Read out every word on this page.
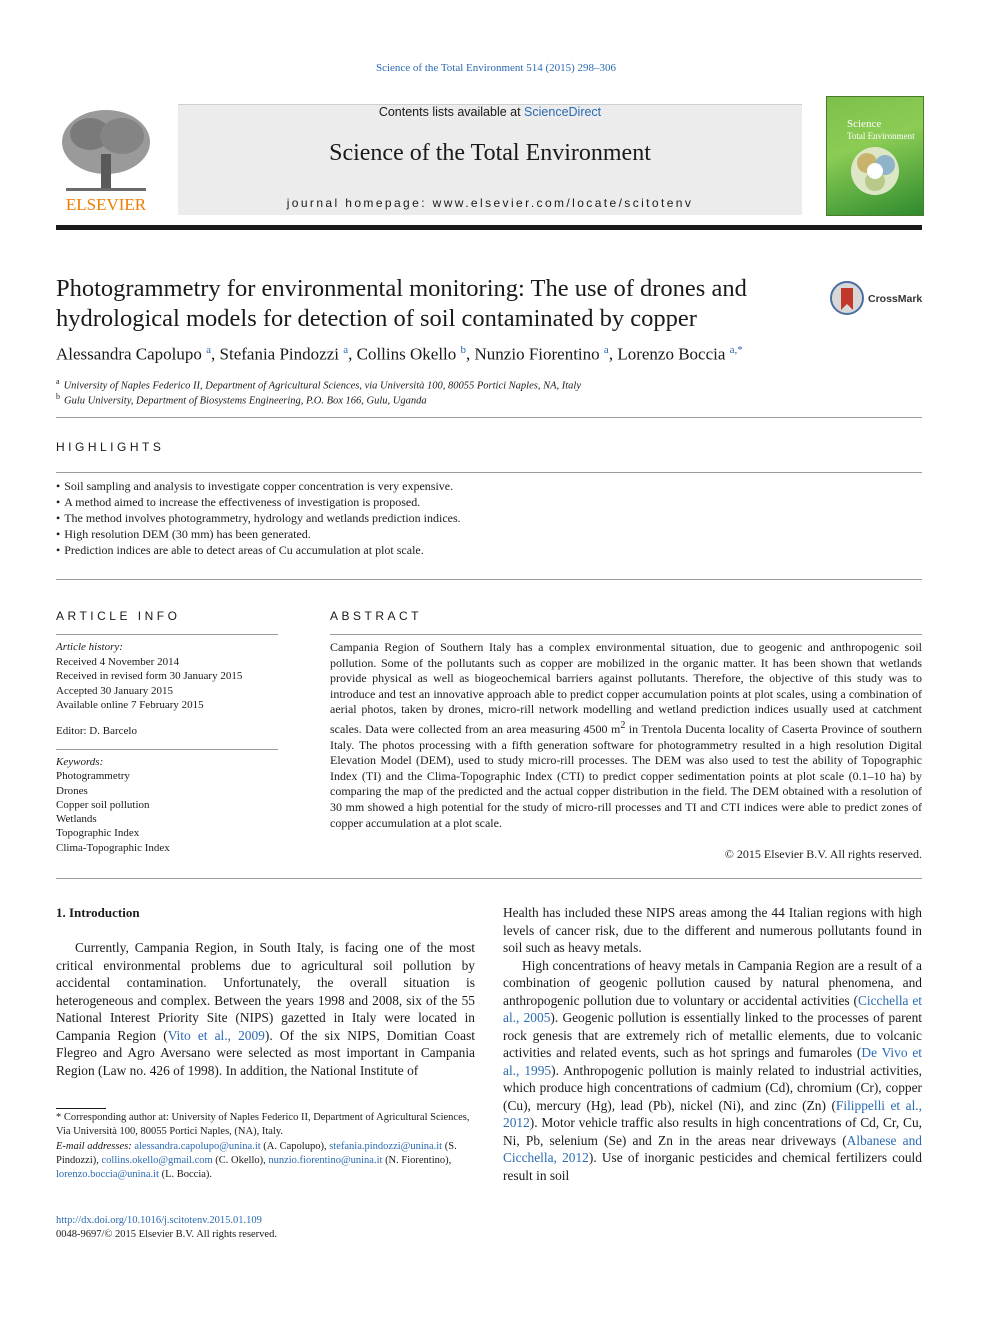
Science of the Total Environment 514 (2015) 298–306
ELSEVIER
Contents lists available at ScienceDirect
Science of the Total Environment
journal homepage: www.elsevier.com/locate/scitotenv
Science
Total Environment
Photogrammetry for environmental monitoring: The use of drones and hydrological models for detection of soil contaminated by copper
CrossMark
Alessandra Capolupo $^a$, Stefania Pindozzi $^a$, Collins Okello $^b$, Nunzio Fiorentino $^a$, Lorenzo Boccia $^{a,*}$
$^a$ University of Naples Federico II, Department of Agricultural Sciences, via Università 100, 80055 Portici Naples, NA, Italy
$^b$ Gulu University, Department of Biosystems Engineering, P.O. Box 166, Gulu, Uganda
HIGHLIGHTS
• Soil sampling and analysis to investigate copper concentration is very expensive.
• A method aimed to increase the effectiveness of investigation is proposed.
• The method involves photogrammetry, hydrology and wetlands prediction indices.
• High resolution DEM (30 mm) has been generated.
• Prediction indices are able to detect areas of Cu accumulation at plot scale.
ARTICLE INFO
Article history:
Received 4 November 2014
Received in revised form 30 January 2015
Accepted 30 January 2015
Available online 7 February 2015
Editor: D. Barcelo
Keywords:
Photogrammetry
Drones
Copper soil pollution
Wetlands
Topographic Index
Clima-Topographic Index
ABSTRACT
Campania Region of Southern Italy has a complex environmental situation, due to geogenic and anthropogenic soil pollution. Some of the pollutants such as copper are mobilized in the organic matter. It has been shown that wetlands provide physical as well as biogeochemical barriers against pollutants. Therefore, the objective of this study was to introduce and test an innovative approach able to predict copper accumulation points at plot scales, using a combination of aerial photos, taken by drones, micro-rill network modelling and wetland prediction indices usually used at catchment scales. Data were collected from an area measuring 4500 $m^2$ in Trentola Ducenta locality of Caserta Province of southern Italy. The photos processing with a fifth generation software for photogrammetry resulted in a high resolution Digital Elevation Model (DEM), used to study micro-rill processes. The DEM was also used to test the ability of Topographic Index (TI) and the Clima-Topographic Index (CTI) to predict copper sedimentation points at plot scale (0.1–10 ha) by comparing the map of the predicted and the actual copper distribution in the field. The DEM obtained with a resolution of 30 mm showed a high potential for the study of micro-rill processes and TI and CTI indices were able to predict zones of copper accumulation at a plot scale.
© 2015 Elsevier B.V. All rights reserved.
1. Introduction

Currently, Campania Region, in South Italy, is facing one of the most critical environmental problems due to agricultural soil pollution by accidental contamination. Unfortunately, the overall situation is heterogeneous and complex. Between the years 1998 and 2008, six of the 55 National Interest Priority Site (NIPS) gazetted in Italy were located in Campania Region (Vito et al., 2009). Of the six NIPS, Domitian Coast Flegreo and Agro Aversano were selected as most important in Campania Region (Law no. 426 of 1998). In addition, the National Institute of

Health has included these NIPS areas among the 44 Italian regions with high levels of cancer risk, due to the different and numerous pollutants found in soil such as heavy metals.

High concentrations of heavy metals in Campania Region are a result of a combination of geogenic pollution caused by natural phenomena, and anthropogenic pollution due to voluntary or accidental activities (Cicchella et al., 2005). Geogenic pollution is essentially linked to the processes of parent rock genesis that are extremely rich of metallic elements, due to volcanic activities and related events, such as hot springs and fumaroles (De Vivo et al., 1995). Anthropogenic pollution is mainly related to industrial activities, which produce high concentrations of cadmium (Cd), chromium (Cr), copper (Cu), mercury (Hg), lead (Pb), nickel (Ni), and zinc (Zn) (Filippelli et al., 2012). Motor vehicle traffic also results in high concentrations of Cd, Cr, Cu, Ni, Pb, selenium (Se) and Zn in the areas near driveways (Albanese and Cicchella, 2012). Use of inorganic pesticides and chemical fertilizers could result in soil

* Corresponding author at: University of Naples Federico II, Department of Agricultural Sciences, Via Università 100, 80055 Portici Naples, (NA), Italy.
E-mail addresses: alessandra.capolupo@unina.it (A. Capolupo), stefania.pindozzi@unina.it (S. Pindozzi), collins.okello@gmail.com (C. Okello), nunzio.fiorentino@unina.it (N. Fiorentino), lorenzo.boccia@unina.it (L. Boccia).
http://dx.doi.org/10.1016/j.scitotenv.2015.01.109
0048-9697/© 2015 Elsevier B.V. All rights reserved.
